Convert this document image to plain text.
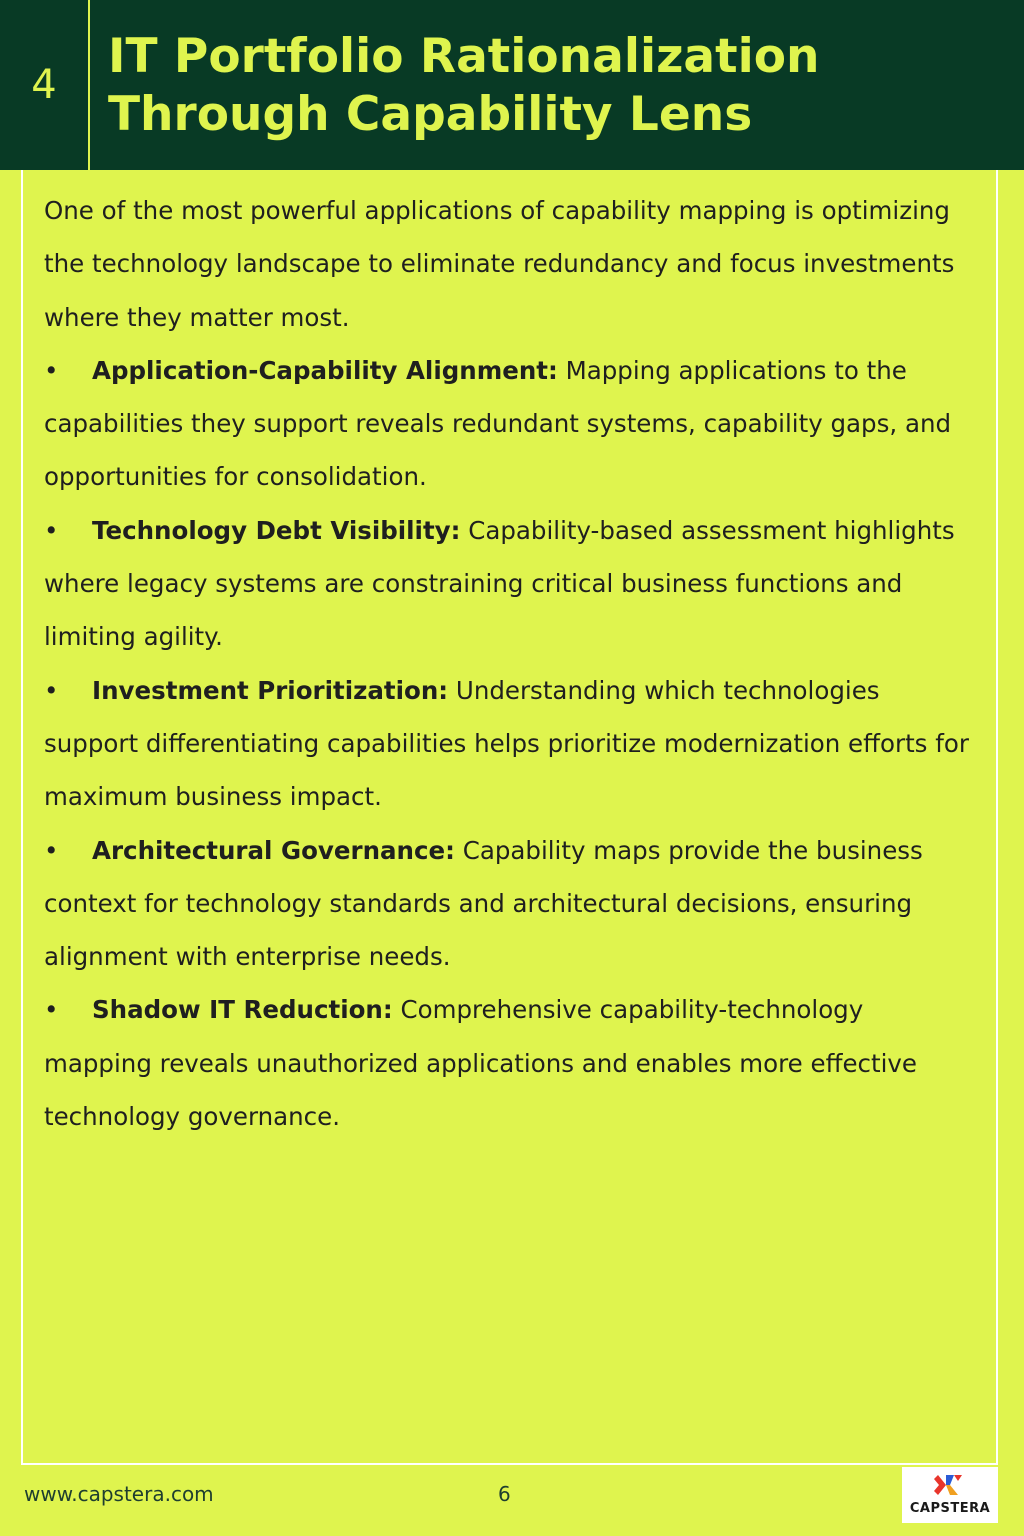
4
IT Portfolio Rationalization
Through Capability Lens

One of the most powerful applications of capability mapping is optimizing the technology landscape to eliminate redundancy and focus investments where they matter most.

• Application-Capability Alignment: Mapping applications to the capabilities they support reveals redundant systems, capability gaps, and opportunities for consolidation.

• Technology Debt Visibility: Capability-based assessment highlights where legacy systems are constraining critical business functions and limiting agility.

• Investment Prioritization: Understanding which technologies support differentiating capabilities helps prioritize modernization efforts for maximum business impact.

• Architectural Governance: Capability maps provide the business context for technology standards and architectural decisions, ensuring alignment with enterprise needs.

• Shadow IT Reduction: Comprehensive capability-technology mapping reveals unauthorized applications and enables more effective technology governance.

www.capstera.com	6
CAPSTERA
